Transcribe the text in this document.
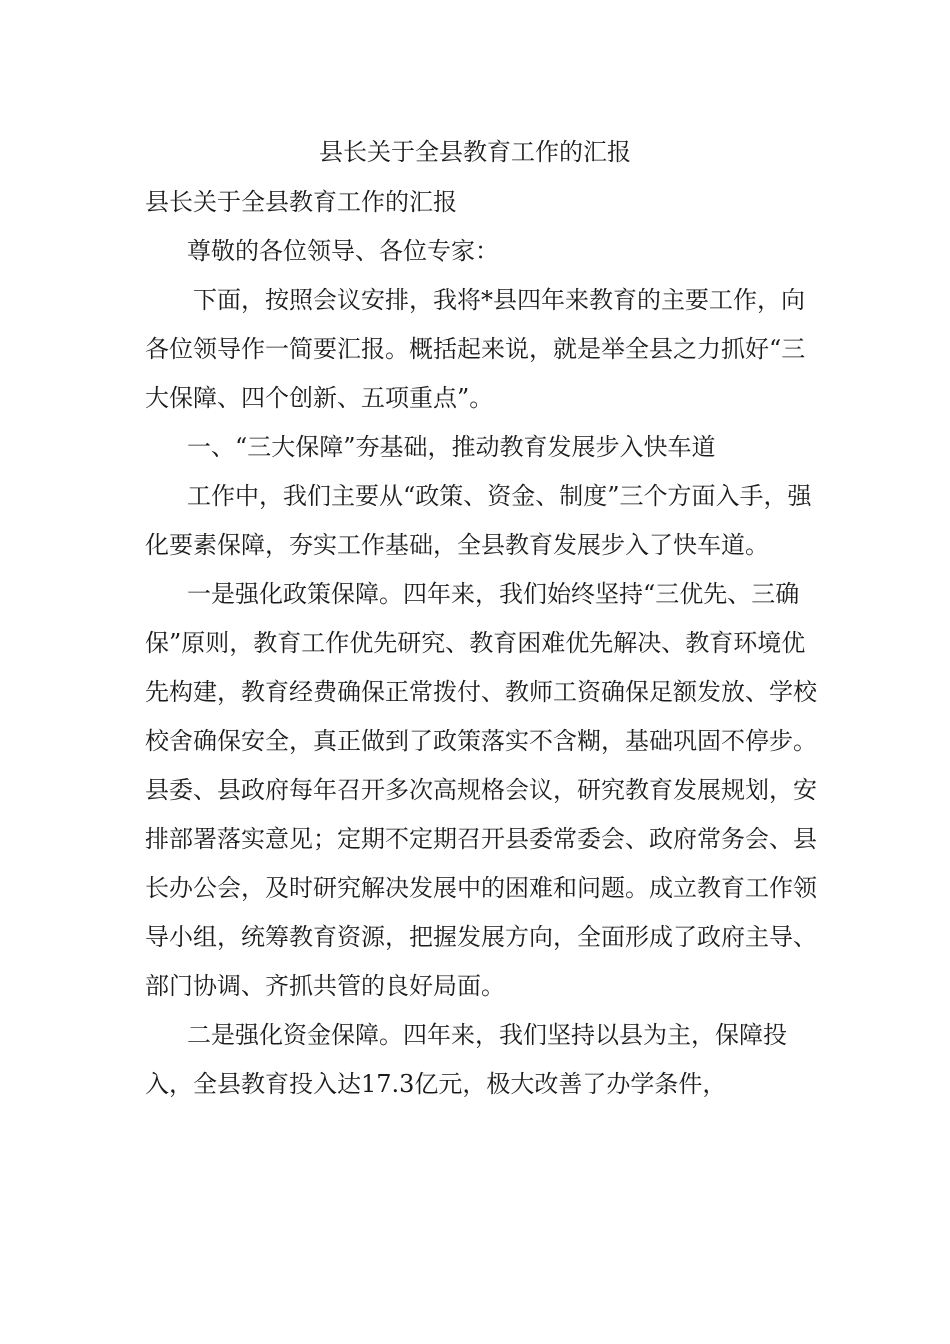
县长关于全县教育工作的汇报

县长关于全县教育工作的汇报

尊敬的各位领导、各位专家：

下面，按照会议安排，我将*县四年来教育的主要工作，向各位领导作一简要汇报。概括起来说，就是举全县之力抓好“三大保障、四个创新、五项重点”。

一、“三大保障”夯基础，推动教育发展步入快车道

工作中，我们主要从“政策、资金、制度”三个方面入手，强化要素保障，夯实工作基础，全县教育发展步入了快车道。

一是强化政策保障。四年来，我们始终坚持“三优先、三确保”原则，教育工作优先研究、教育困难优先解决、教育环境优先构建，教育经费确保正常拨付、教师工资确保足额发放、学校校舍确保安全，真正做到了政策落实不含糊，基础巩固不停步。县委、县政府每年召开多次高规格会议，研究教育发展规划，安排部署落实意见；定期不定期召开县委常委会、政府常务会、县长办公会，及时研究解决发展中的困难和问题。成立教育工作领导小组，统筹教育资源，把握发展方向，全面形成了政府主导、部门协调、齐抓共管的良好局面。

二是强化资金保障。四年来，我们坚持以县为主，保障投入，全县教育投入达17.3亿元，极大改善了办学条件，
